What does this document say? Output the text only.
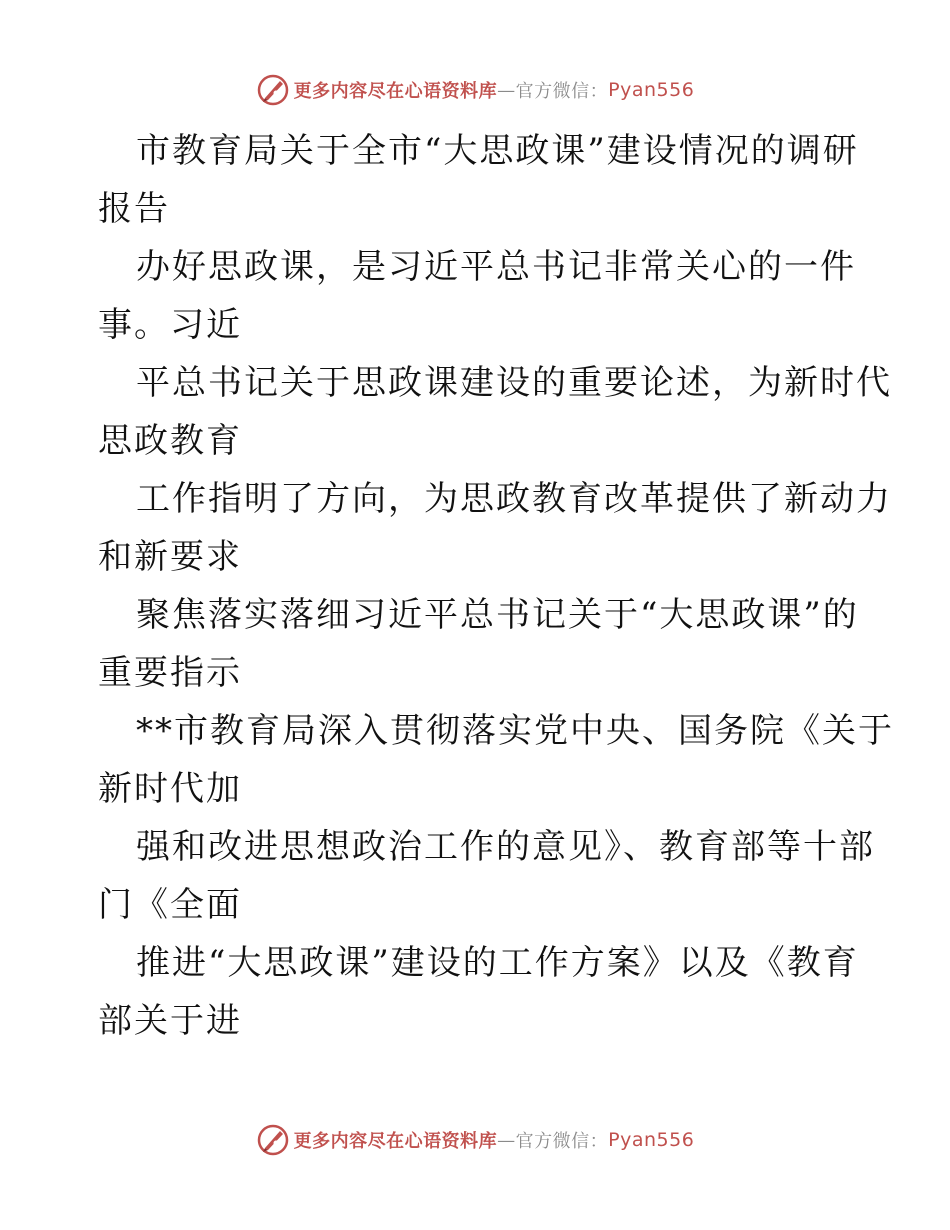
更多内容尽在心语资料库 — 官方微信： Pyan556
市教育局关于全市“大思政课”建设情况的调研
报告
办好思政课，是习近平总书记非常关心的一件
事。习近
平总书记关于思政课建设的重要论述，为新时代
思政教育
工作指明了方向，为思政教育改革提供了新动力
和新要求
聚焦落实落细习近平总书记关于“大思政课”的
重要指示
**市教育局深入贯彻落实党中央、国务院《关于
新时代加
强和改进思想政治工作的意见》、教育部等十部
门《全面
推进“大思政课”建设的工作方案》以及《教育
部关于进
更多内容尽在心语资料库 — 官方微信： Pyan556
